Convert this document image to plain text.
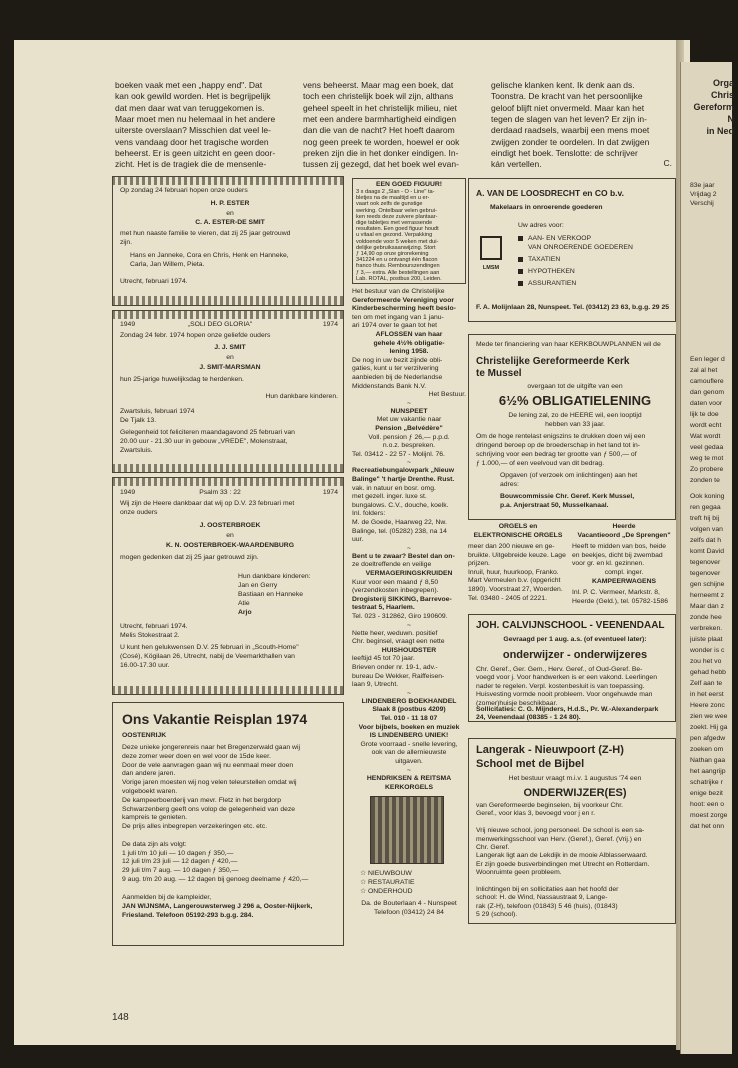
boeken vaak met een „happy end". Dat	vens beheerst. Maar mag een boek, dat	gelische klanken kent. Ik denk aan ds.
kan ook gewild worden. Het is begrijpelijk	toch een christelijk boek wil zijn, althans	Toonstra. De kracht van het persoonlijke
dat men daar wat van teruggekomen is.	geheel speelt in het christelijk milieu, niet	geloof blijft niet onvermeld. Maar kan het
Maar moet men nu helemaal in het andere	met een andere barmhartigheid eindigen	tegen de slagen van het leven? Er zijn in-
uiterste overslaan? Misschien dat veel le-	dan die van de nacht? Het hoeft daarom	derdaad raadsels, waarbij een mens moet
vens vandaag door het tragische worden	nog geen preek te worden, hoewel er ook	zwijgen zonder te oordelen. In dat zwijgen
beheerst. Er is geen uitzicht en geen door-	preken zijn die in het donker eindigen. In-	eindigt het boek. Tenslotte: de schrijver
zicht. Het is de tragiek die de mensenle-	tussen zij gezegd, dat het boek wel evan-	kán vertellen.	C.
Op zondag 24 februari hopen onze ouders
H. P. ESTER
en
C. A. ESTER-DE SMIT
met hun naaste familie te vieren, dat zij 25 jaar getrouwd
zijn.
Hans en Janneke, Cora en Chris, Henk en Hanneke,
Carla, Jan Willem, Pieta.
Utrecht, februari 1974.
1949	„SOLI DEO GLORIA"	1974
Zondag 24 febr. 1974 hopen onze geliefde ouders
J. J. SMIT
en
J. SMIT-MARSMAN
hun 25-jarige huwelijksdag te herdenken.
Hun dankbare kinderen.
Zwartsluis, februari 1974
De Tjalk 13.
Gelegenheid tot feliciteren maandagavond 25 februari van
20.00 uur - 21.30 uur in gebouw „VREDE", Molenstraat,
Zwartsluis.
1949	Psalm 33 : 22	1974
Wij zijn de Heere dankbaar dat wij op D.V. 23 februari met
onze ouders
J. OOSTERBROEK
en
K. N. OOSTERBROEK-WAARDENBURG
mogen gedenken dat zij 25 jaar getrouwd zijn.
Hun dankbare kinderen:
Jan en Gerry
Bastiaan en Hanneke
Atie
Arjo
Utrecht, februari 1974.
Melis Stokestraat 2.
U kunt hen gelukwensen D.V. 25 februari in „Scouth-Home"
(Cosé), Kögilaan 26, Utrecht, nabij de Veemarkthallen van
16.00-17.30 uur.
Ons Vakantie Reisplan 1974
OOSTENRIJK
Deze unieke jongerenreis naar het Bregenzerwald gaan wij
deze zomer weer doen en wel voor de 15de keer.
Door de vele aanvragen gaan wij nu eenmaal meer doen
dan andere jaren.
Vorige jaren moesten wij nog velen teleurstellen omdat wij
volgeboekt waren.
De kampeerboerderij van mevr. Fletz in het bergdorp
Schwarzenberg geeft ons volop de gelegenheid van deze
kampreis te genieten.
De prijs alles inbegrepen verzekeringen etc. etc.
De data zijn als volgt:
1 juli t/m 10 juli — 10 dagen ƒ 350,—
12 juli t/m 23 juli — 12 dagen ƒ 420,—
29 juli t/m 7 aug. — 10 dagen ƒ 350,—
9 aug. t/m 20 aug. — 12 dagen bij genoeg deelname ƒ 420,—
Aanmelden bij de kampleider,
JAN WIJNSMA, Langerouwsterweg J 296 a, Ooster-Nijkerk,
Friesland. Telefoon 05192-293 b.g.g. 284.
EEN GOED FIGUUR!
3 x daags 2 „Slan - O - Line" ta-
bletjes na de maaltijd en u er-
vaart ook zelfs de gunstige
werking. Ontelbaar velen gebrui-
ken reeds deze zuivere plantaar-
dige tabletjes met verrassende
resultaten. Een goed figuur houdt
u vitaal en gezond. Verpakking
voldoende voor 5 weken met dui-
delijke gebruiksaanwijzing. Stort
ƒ 14,90 op onze girorekening
341224 en u ontvangt één flacon
franco thuis. Rembourszendingen
ƒ 3,— extra. Alle bestellingen aan
Lab. ROTAL, postbus 200, Leiden.
Het bestuur van de Christelijke
Gereformeerde Vereniging voor
Kinderbescherming heeft beslo-
ten om met ingang van 1 janu-
ari 1974 over te gaan tot het
AFLOSSEN van haar
gehele 4½% obligatie-
lening 1958.
De nog in uw bezit zijnde obli-
gaties, kunt u ter verzilvering
aanbieden bij de Nederlandse
Middenstands Bank N.V.
Het Bestuur.
~
NUNSPEET
Met uw vakantie naar
Pension „Belvédère"
Voll. pension ƒ 26,— p.p.d.
n.o.z. bespreken.
Tel. 03412 - 22 57 - Molijnl. 76.
~
Recreatiebungalowpark „Nieuw
Balinge" 't hartje Drenthe. Rust.
vak. in natuur en bosr. omg.
met gezell. inger. luxe st.
bungalows. C.V., douche, koelk.
Inl. folders:
M. de Goede, Haarweg 22, Nw.
Balinge, tel. (05282) 238, na 14
uur.
~
Bent u te zwaar? Bestel dan on-
ze doeltreffende en veilige
VERMAGERINGSKRUIDEN
Kuur voor een maand ƒ 8,50
(verzendkosten inbegrepen).
Drogisterij SIKKING, Barrevoe-
testraat 5, Haarlem.
Tel. 023 - 312862, Giro 190609.
~
Nette heer, weduwn. positief
Chr. beginsel, vraagt een nette
HUISHOUDSTER
leeftijd 45 tot 70 jaar.
Brieven onder nr. 19-1, adv.-
bureau De Wekker, Raiffeisen-
laan 9, Utrecht.
~
LINDENBERG BOEKHANDEL
Slaak 8 (postbus 4209)
Tel. 010 - 11 18 07
Voor bijbels, boeken en muziek
IS LINDENBERG UNIEK!
Grote voorraad - snelle levering,
ook van de allernieuwste
uitgaven.
~
HENDRIKSEN & REITSMA
KERKORGELS
☆ NIEUWBOUW
☆ RESTAURATIE
☆ ONDERHOUD
Da. de Bouterlaan 4 - Nunspeet
Telefoon (03412) 24 84
A. VAN DE LOOSDRECHT en CO b.v.
Makelaars in onroerende goederen
Uw adres voor:
AAN- EN VERKOOP
VAN ONROERENDE GOEDEREN
TAXATIEN
HYPOTHEKEN
ASSURANTIEN
LMSM
F. A. Molijnlaan 28, Nunspeet. Tel. (03412) 23 63, b.g.g. 29 25
Mede ter financiering van haar KERKBOUWPLANNEN wil de
Christelijke Gereformeerde Kerk
te Mussel
overgaan tot de uitgifte van een
6½% OBLIGATIELENING
De lening zal, zo de HEERE wil, een looptijd
hebben van 33 jaar.
Om de hoge rentelast enigszins te drukken doen wij een
dringend beroep op de broederschap in het land tot in-
schrijving voor een bedrag ter grootte van ƒ 500,— of
ƒ 1.000,— of een veelvoud van dit bedrag.
Opgaven (of verzoek om inlichtingen) aan het
adres:
Bouwcommissie Chr. Geref. Kerk Mussel,
p.a. Anjerstraat 50, Musselkanaal.
ORGELS en
ELEKTRONISCHE ORGELS
meer dan 200 nieuwe en ge-
bruikte. Uitgebreide keuze. Lage
prijzen.
Inruil, huur, huurkoop, Franko.
Mart Vermeulen b.v. (opgericht
1890). Voorstraat 27, Woerden.
Tel. 03480 - 2405 of 2221.
Heerde
Vacantieoord „De Sprengen"
Heeft te midden van bos, heide
en beekjes, dicht bij zwembad
voor gr. en kl. gezinnen.
compl. inger.
KAMPEERWAGENS
Inl. P. C. Vermeer, Markstr. 8,
Heerde (Geld.), tel. 05782-1586
JOH. CALVIJNSCHOOL - VEENENDAAL
Gevraagd per 1 aug. a.s. (of eventueel later):
onderwijzer - onderwijzeres
Chr. Geref., Ger. Gem., Herv. Geref., of Oud-Geref. Be-
voegd voor j. Voor handwerken is er een vakond. Leerlingen
nader te regelen. Verpl. kostenbesluit is van toepassing.
Huisvesting vormde nooit probleem. Voor ongehuwde man
(zomer)huisje beschikbaar.
Sollicitaties: C. G. Mijnders, H.d.S., Pr. W.-Alexanderpark
24, Veenendaal (08385 - 1 24 80).
Langerak - Nieuwpoort (Z-H)
School met de Bijbel
Het bestuur vraagt m.i.v. 1 augustus '74 een
ONDERWIJZER(ES)
van Gereformeerde beginselen, bij voorkeur Chr.
Geref., voor klas 3, bevoegd voor j en r.
Vrij nieuwe school, jong personeel. De school is een sa-
menwerkingsschool van Herv. (Geref.), Geref. (Vrij.) en
Chr. Geref.
Langerak ligt aan de Lekdijk in de mooie Alblasserwaard.
Er zijn goede busverbindingen met Utrecht en Rotterdam.
Woonruimte geen probleem.
Inlichtingen bij en sollicitaties aan het hoofd der
school: H. de Wind, Nassaustraat 9, Lange-
rak (Z-H), telefoon (01843) 5 46 (huis), (01843)
5 29 (school).
148
Orga
Chris
Gereform
N
in Ned
83e jaar
Vrijdag 2
Verschij
Een leger d
zal al het
camouflere
dan genom
daten voor
lijk te doe
wordt echt
Wat wordt
veel gedaa
weg te mot
Zo probere
zonden te
Ook koning
ren gegaa
treft hij bij
volgen van
zelfs dat h
komt David
tegenover
tegenover
gen schijne
herneemt z
Maar dan z
zonde hee
verbreken.
juiste plaat
wonder is c
zou het vo
gehad hebb
Zelf aan te
in het eerst
Heere zonc
zien we wee
zoekt. Hij ga
pen afgedw
zoeken om
Nathan gaa
het aangrijp
schatrijke r
enige bezit
hoot: een o
moest zorge
dat het onn
